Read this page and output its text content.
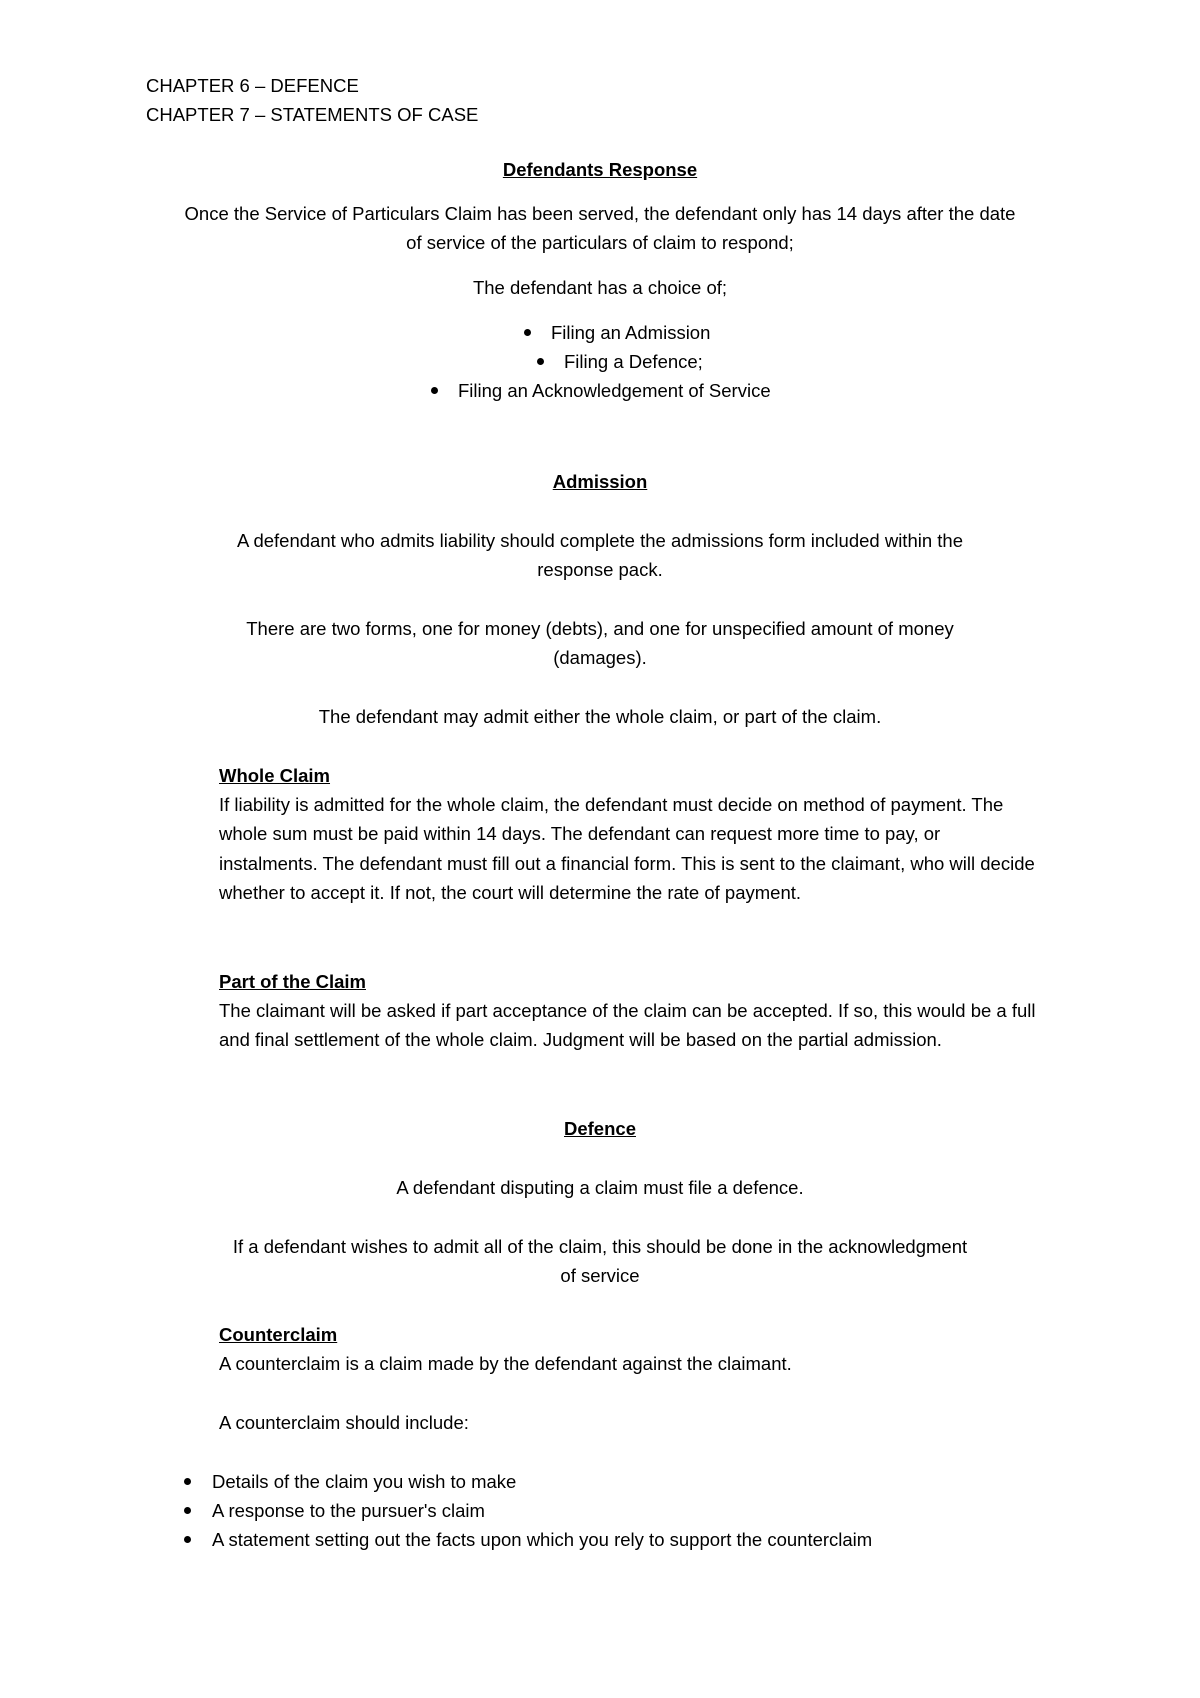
CHAPTER 6 – DEFENCE
CHAPTER 7 – STATEMENTS OF CASE
Defendants Response
Once the Service of Particulars Claim has been served, the defendant only has 14 days after the date
of service of the particulars of claim to respond;
The defendant has a choice of;
Filing an Admission
Filing a Defence;
Filing an Acknowledgement of Service
Admission
A defendant who admits liability should complete the admissions form included within the
response pack.
There are two forms, one for money (debts), and one for unspecified amount of money
(damages).
The defendant may admit either the whole claim, or part of the claim.
Whole Claim
If liability is admitted for the whole claim, the defendant must decide on method of payment. The whole sum must be paid within 14 days. The defendant can request more time to pay, or instalments. The defendant must fill out a financial form. This is sent to the claimant, who will decide whether to accept it. If not, the court will determine the rate of payment.
Part of the Claim
The claimant will be asked if part acceptance of the claim can be accepted. If so, this would be a full and final settlement of the whole claim. Judgment will be based on the partial admission.
Defence
A defendant disputing a claim must file a defence.
If a defendant wishes to admit all of the claim, this should be done in the acknowledgment
of service
Counterclaim
A counterclaim is a claim made by the defendant against the claimant.
A counterclaim should include:
Details of the claim you wish to make
A response to the pursuer's claim
A statement setting out the facts upon which you rely to support the counterclaim
